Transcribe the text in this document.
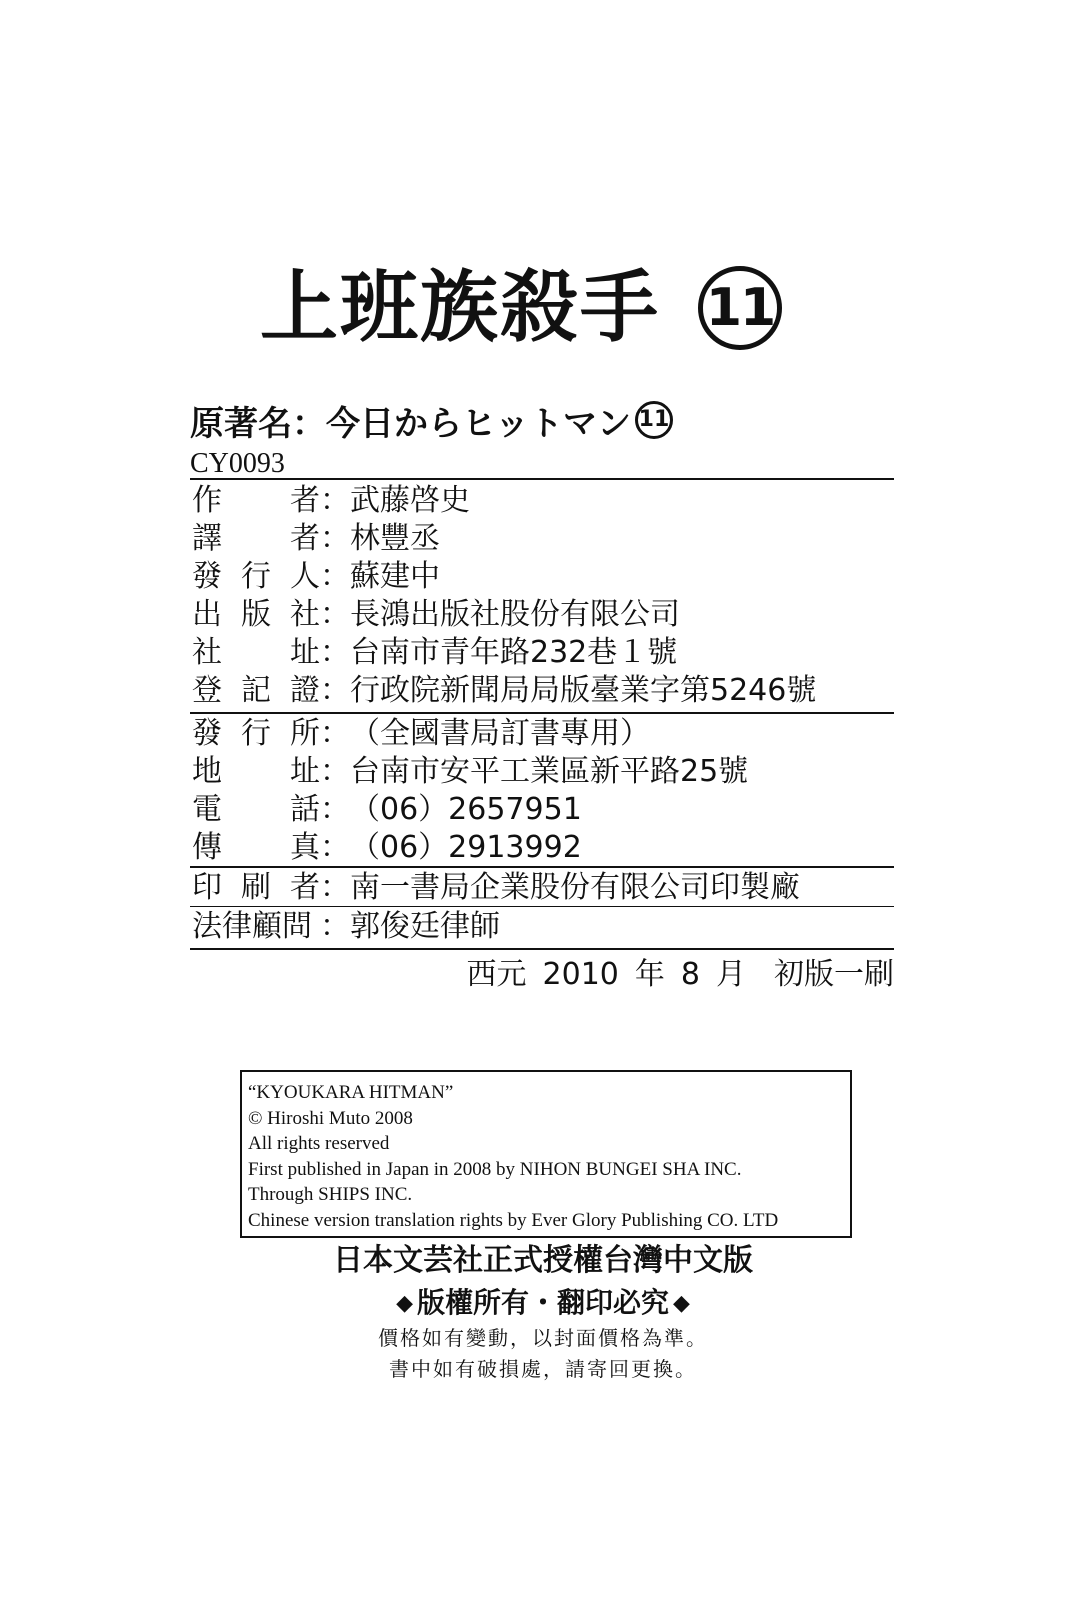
上班族殺手 11
原著名：今日からヒットマン 11
CY0093
作 者 ： 武藤啓史
譯 者 ： 林豐丞
發 行 人 ： 蘇建中
出 版 社 ： 長鴻出版社股份有限公司
社 址 ： 台南市青年路232巷１號
登 記 證 ： 行政院新聞局局版臺業字第5246號
發 行 所 ： （全國書局訂書專用）
地 址 ： 台南市安平工業區新平路25號
電 話 ： （06）2657951
傳 真 ： （06）2913992
印 刷 者 ： 南一書局企業股份有限公司印製廠
法律顧問 ： 郭俊廷律師
西元 2010 年 8 月 初版一刷
“KYOUKARA HITMAN”
© Hiroshi Muto 2008
All rights reserved
First published in Japan in 2008 by NIHON BUNGEI SHA INC.
Through SHIPS INC.
Chinese version translation rights by Ever Glory Publishing CO. LTD
日本文芸社正式授權台灣中文版
◆ 版權所有・翻印必究 ◆
價格如有變動，以封面價格為準。
書中如有破損處，請寄回更換。
